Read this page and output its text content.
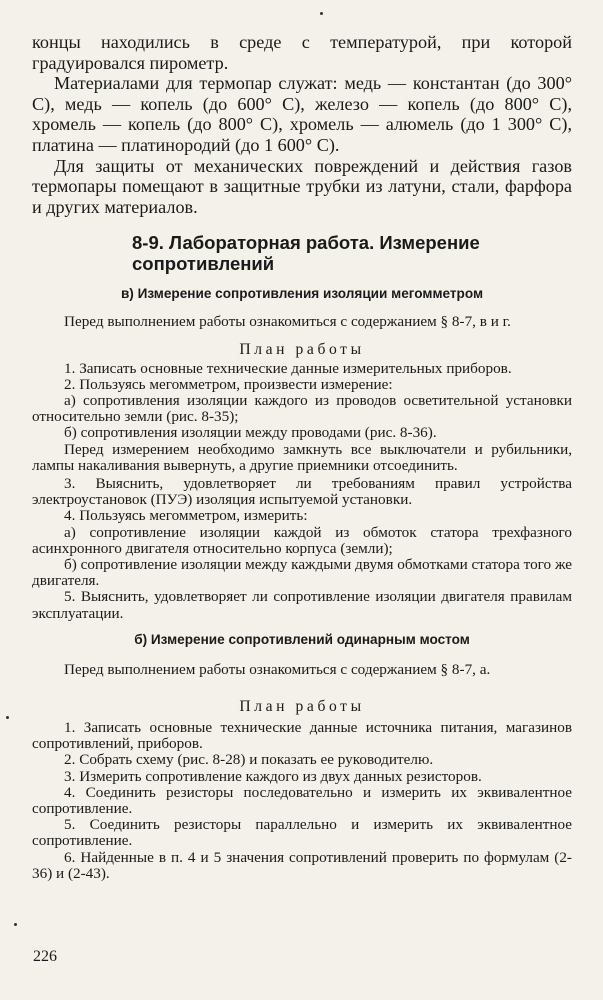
концы находились в среде с температурой, при которой градуировался пирометр.

Материалами для термопар служат: медь — константан (до 300° С), медь — копель (до 600° С), железо — копель (до 800° С), хромель — копель (до 800° С), хромель — алюмель (до 1 300° С), платина — платинородий (до 1 600° С).

Для защиты от механических повреждений и действия газов термопары помещают в защитные трубки из латуни, стали, фарфора и других материалов.

8-9. Лабораторная работа. Измерение сопротивлений
в) Измерение сопротивления изоляции мегомметром

Перед выполнением работы ознакомиться с содержанием § 8-7, в и г.

План работы

1. Записать основные технические данные измерительных приборов.

2. Пользуясь мегомметром, произвести измерение:

а) сопротивления изоляции каждого из проводов осветительной установки относительно земли (рис. 8-35);

б) сопротивления изоляции между проводами (рис. 8-36).

Перед измерением необходимо замкнуть все выключатели и рубильники, лампы накаливания вывернуть, а другие приемники отсоединить.

3. Выяснить, удовлетворяет ли требованиям правил устройства электроустановок (ПУЭ) изоляция испытуемой установки.

4. Пользуясь мегомметром, измерить:

а) сопротивление изоляции каждой из обмоток статора трехфазного асинхронного двигателя относительно корпуса (земли);

б) сопротивление изоляции между каждыми двумя обмотками статора того же двигателя.

5. Выяснить, удовлетворяет ли сопротивление изоляции двигателя правилам эксплуатации.

б) Измерение сопротивлений одинарным мостом

Перед выполнением работы ознакомиться с содержанием § 8-7, а.

План работы

1. Записать основные технические данные источника питания, магазинов сопротивлений, приборов.

2. Собрать схему (рис. 8-28) и показать ее руководителю.

3. Измерить сопротивление каждого из двух данных резисторов.

4. Соединить резисторы последовательно и измерить их эквивалентное сопротивление.

5. Соединить резисторы параллельно и измерить их эквивалентное сопротивление.

6. Найденные в п. 4 и 5 значения сопротивлений проверить по формулам (2-36) и (2-43).

226
